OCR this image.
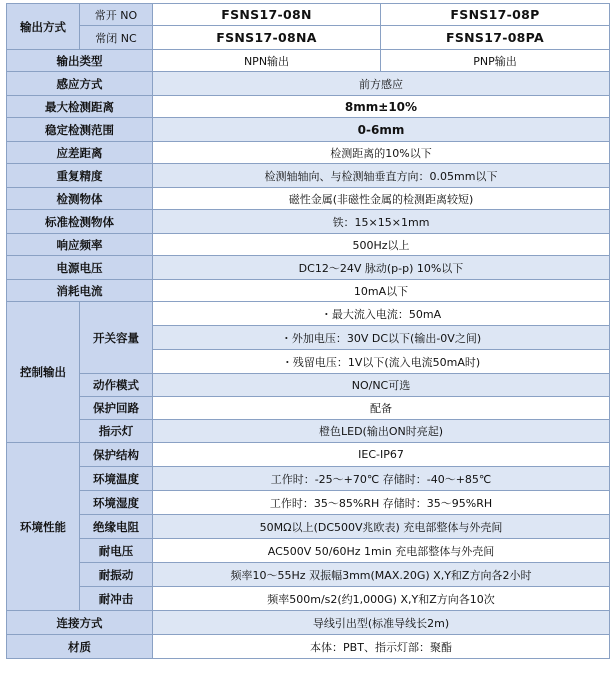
输出方式	常开 NO	FSNS17-08N	FSNS17-08P
	常闭 NC	FSNS17-08NA	FSNS17-08PA
输出类型		NPN输出	PNP输出
感应方式		前方感应	
最大检测距离		8mm±10%	
稳定检测范围		0-6mm	
应差距离		检测距离的10%以下	
重复精度		检测轴轴向、与检测轴垂直方向：0.05mm以下	
检测物体		磁性金属(非磁性金属的检测距离较短)	
标准检测物体		铁：15×15×1mm	
响应频率		500Hz以上	
电源电压		DC12～24V 脉动(p-p) 10%以下	
消耗电流		10mA以下	
控制输出	开关容量	・最大流入电流：50mA	
		・外加电压：30V DC以下(输出-0V之间)	
		・残留电压：1V以下(流入电流50mA时)	
	动作模式	NO/NC可选	
	保护回路	配备	
	指示灯	橙色LED(输出ON时亮起)	
环境性能	保护结构	IEC-IP67	
	环境温度	工作时：-25～+70℃ 存储时：-40～+85℃	
	环境湿度	工作时：35～85%RH 存储时：35～95%RH	
	绝缘电阻	50MΩ以上(DC500V兆欧表) 充电部整体与外壳间	
	耐电压	AC500V 50/60Hz 1min 充电部整体与外壳间	
	耐振动	频率10～55Hz 双振幅3mm(MAX.20G) X,Y和Z方向各2小时	
	耐冲击	频率500m/s2(约1,000G) X,Y和Z方向各10次	
连接方式		导线引出型(标准导线长2m)	
材质		本体：PBT、指示灯部：聚酯	
